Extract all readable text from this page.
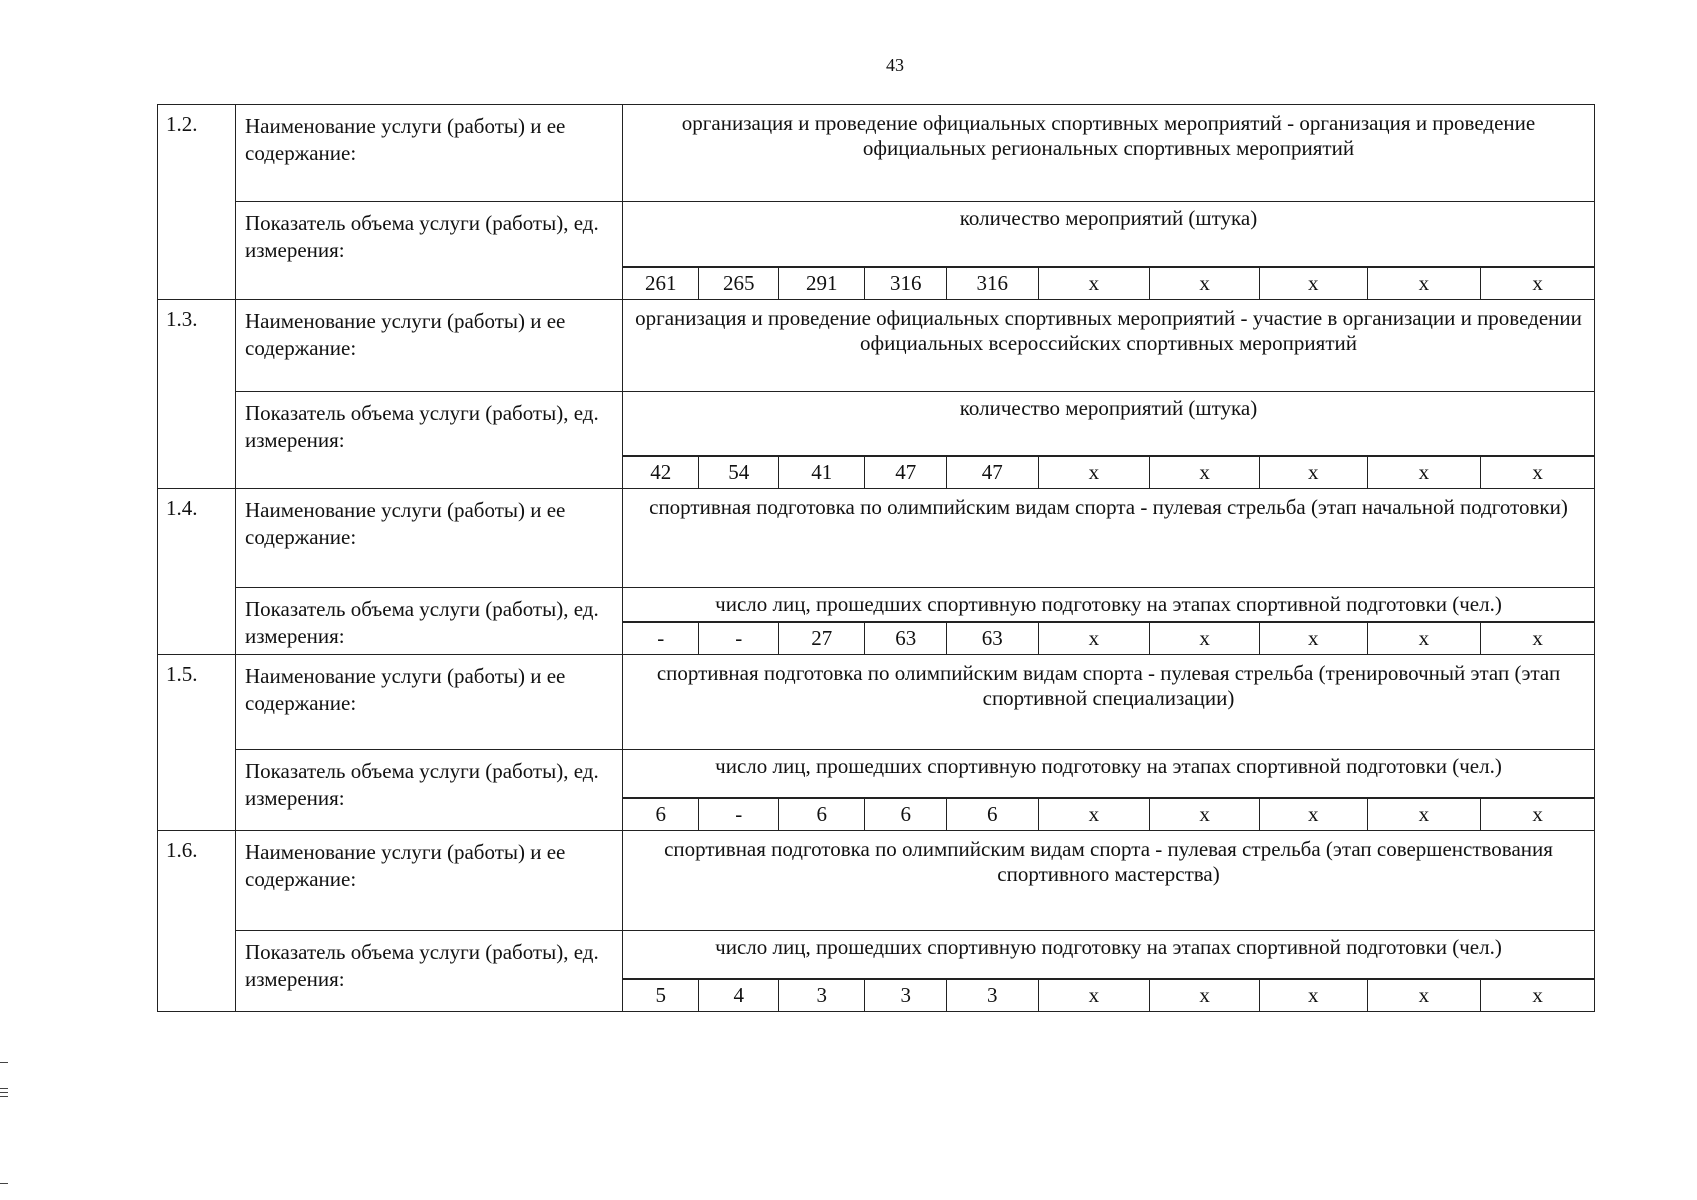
43
1.2.	Наименование услуги (работы) и ее содержание:	организация и проведение официальных спортивных мероприятий - организация и проведение официальных региональных спортивных мероприятий
Показатель объема услуги (работы), ед. измерения:	количество мероприятий (штука)

261	265	291	316	316	x	x	x	x	x

1.3.	Наименование услуги (работы) и ее содержание:	организация и проведение официальных спортивных мероприятий - участие в организации и проведении официальных всероссийских спортивных мероприятий
Показатель объема услуги (работы), ед. измерения:	количество мероприятий (штука)

42	54	41	47	47	x	x	x	x	x

1.4.	Наименование услуги (работы) и ее содержание:	спортивная подготовка по олимпийским видам спорта - пулевая стрельба (этап начальной подготовки)
Показатель объема услуги (работы), ед. измерения:	число лиц, прошедших спортивную подготовку на этапах спортивной подготовки (чел.)

-	-	27	63	63	x	x	x	x	x

1.5.	Наименование услуги (работы) и ее содержание:	спортивная подготовка по олимпийским видам спорта - пулевая стрельба (тренировочный этап (этап спортивной специализации)
Показатель объема услуги (работы), ед. измерения:	число лиц, прошедших спортивную подготовку на этапах спортивной подготовки (чел.)

6	-	6	6	6	x	x	x	x	x

1.6.	Наименование услуги (работы) и ее содержание:	спортивная подготовка по олимпийским видам спорта - пулевая стрельба (этап совершенствования спортивного мастерства)
Показатель объема услуги (работы), ед. измерения:	число лиц, прошедших спортивную подготовку на этапах спортивной подготовки (чел.)

5	4	3	3	3	x	x	x	x	x
